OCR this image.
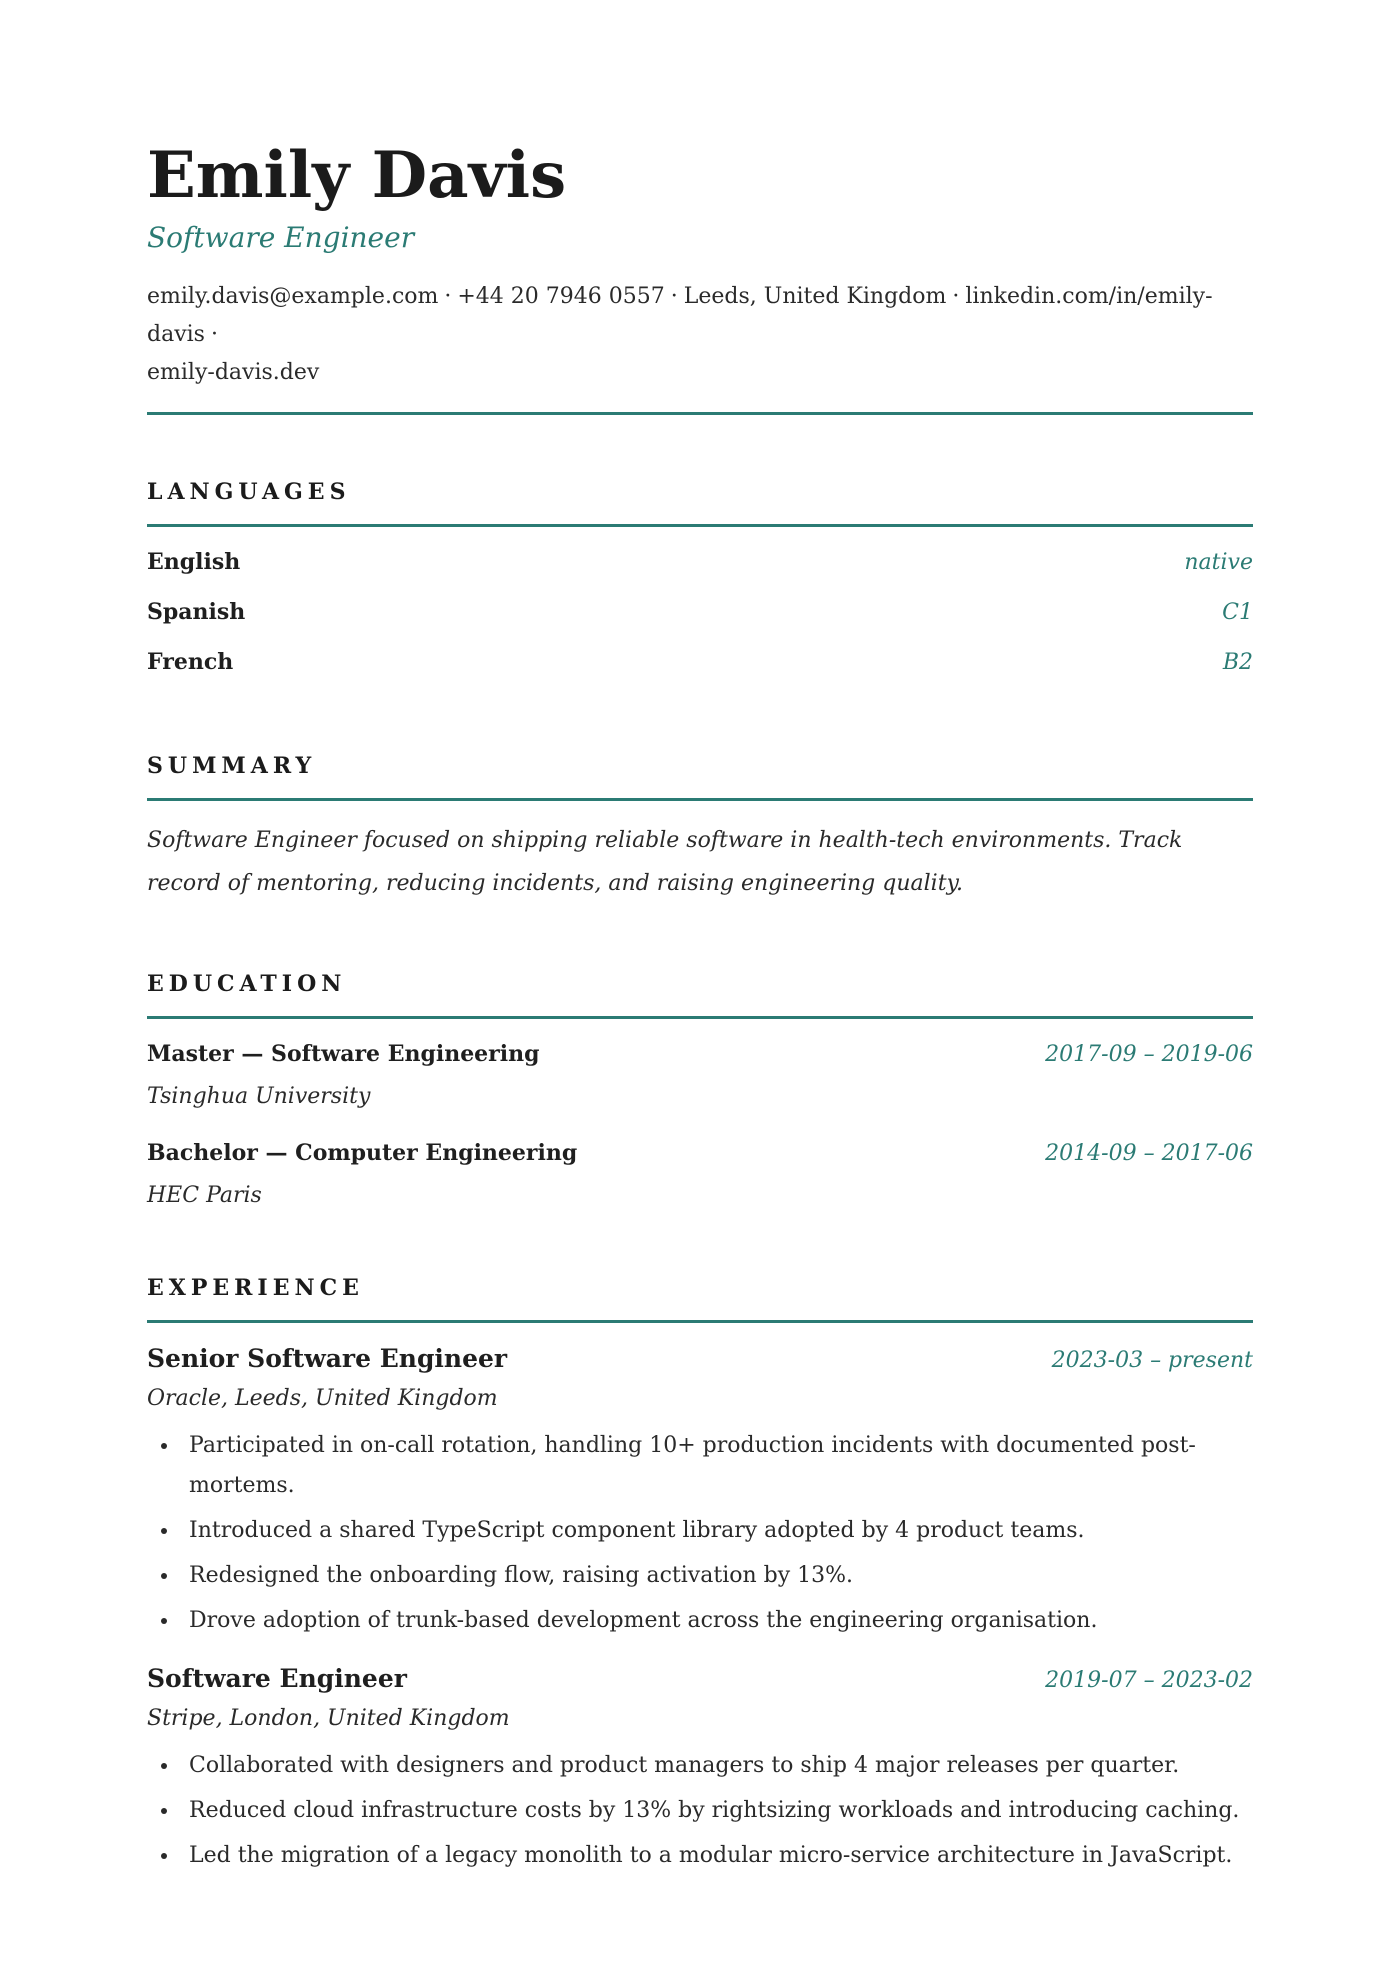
Emily Davis
Software Engineer
emily.davis@example.com · +44 20 7946 0557 · Leeds, United Kingdom · linkedin.com/in/emily-davis ·
emily-davis.dev
LANGUAGES
English	native
Spanish	C1
French	B2
SUMMARY

Software Engineer focused on shipping reliable software in health-tech environments. Track record of mentoring, reducing incidents, and raising engineering quality.

EDUCATION
Master — Software Engineering	2017-09 – 2019-06
Tsinghua University
Bachelor — Computer Engineering	2014-09 – 2017-06
HEC Paris
EXPERIENCE
Senior Software Engineer	2023-03 – present
Oracle, Leeds, United Kingdom
Participated in on-call rotation, handling 10+ production incidents with documented post-mortems.
Introduced a shared TypeScript component library adopted by 4 product teams.
Redesigned the onboarding flow, raising activation by 13%.
Drove adoption of trunk-based development across the engineering organisation.
Software Engineer	2019-07 – 2023-02
Stripe, London, United Kingdom
Collaborated with designers and product managers to ship 4 major releases per quarter.
Reduced cloud infrastructure costs by 13% by rightsizing workloads and introducing caching.
Led the migration of a legacy monolith to a modular micro-service architecture in JavaScript.
